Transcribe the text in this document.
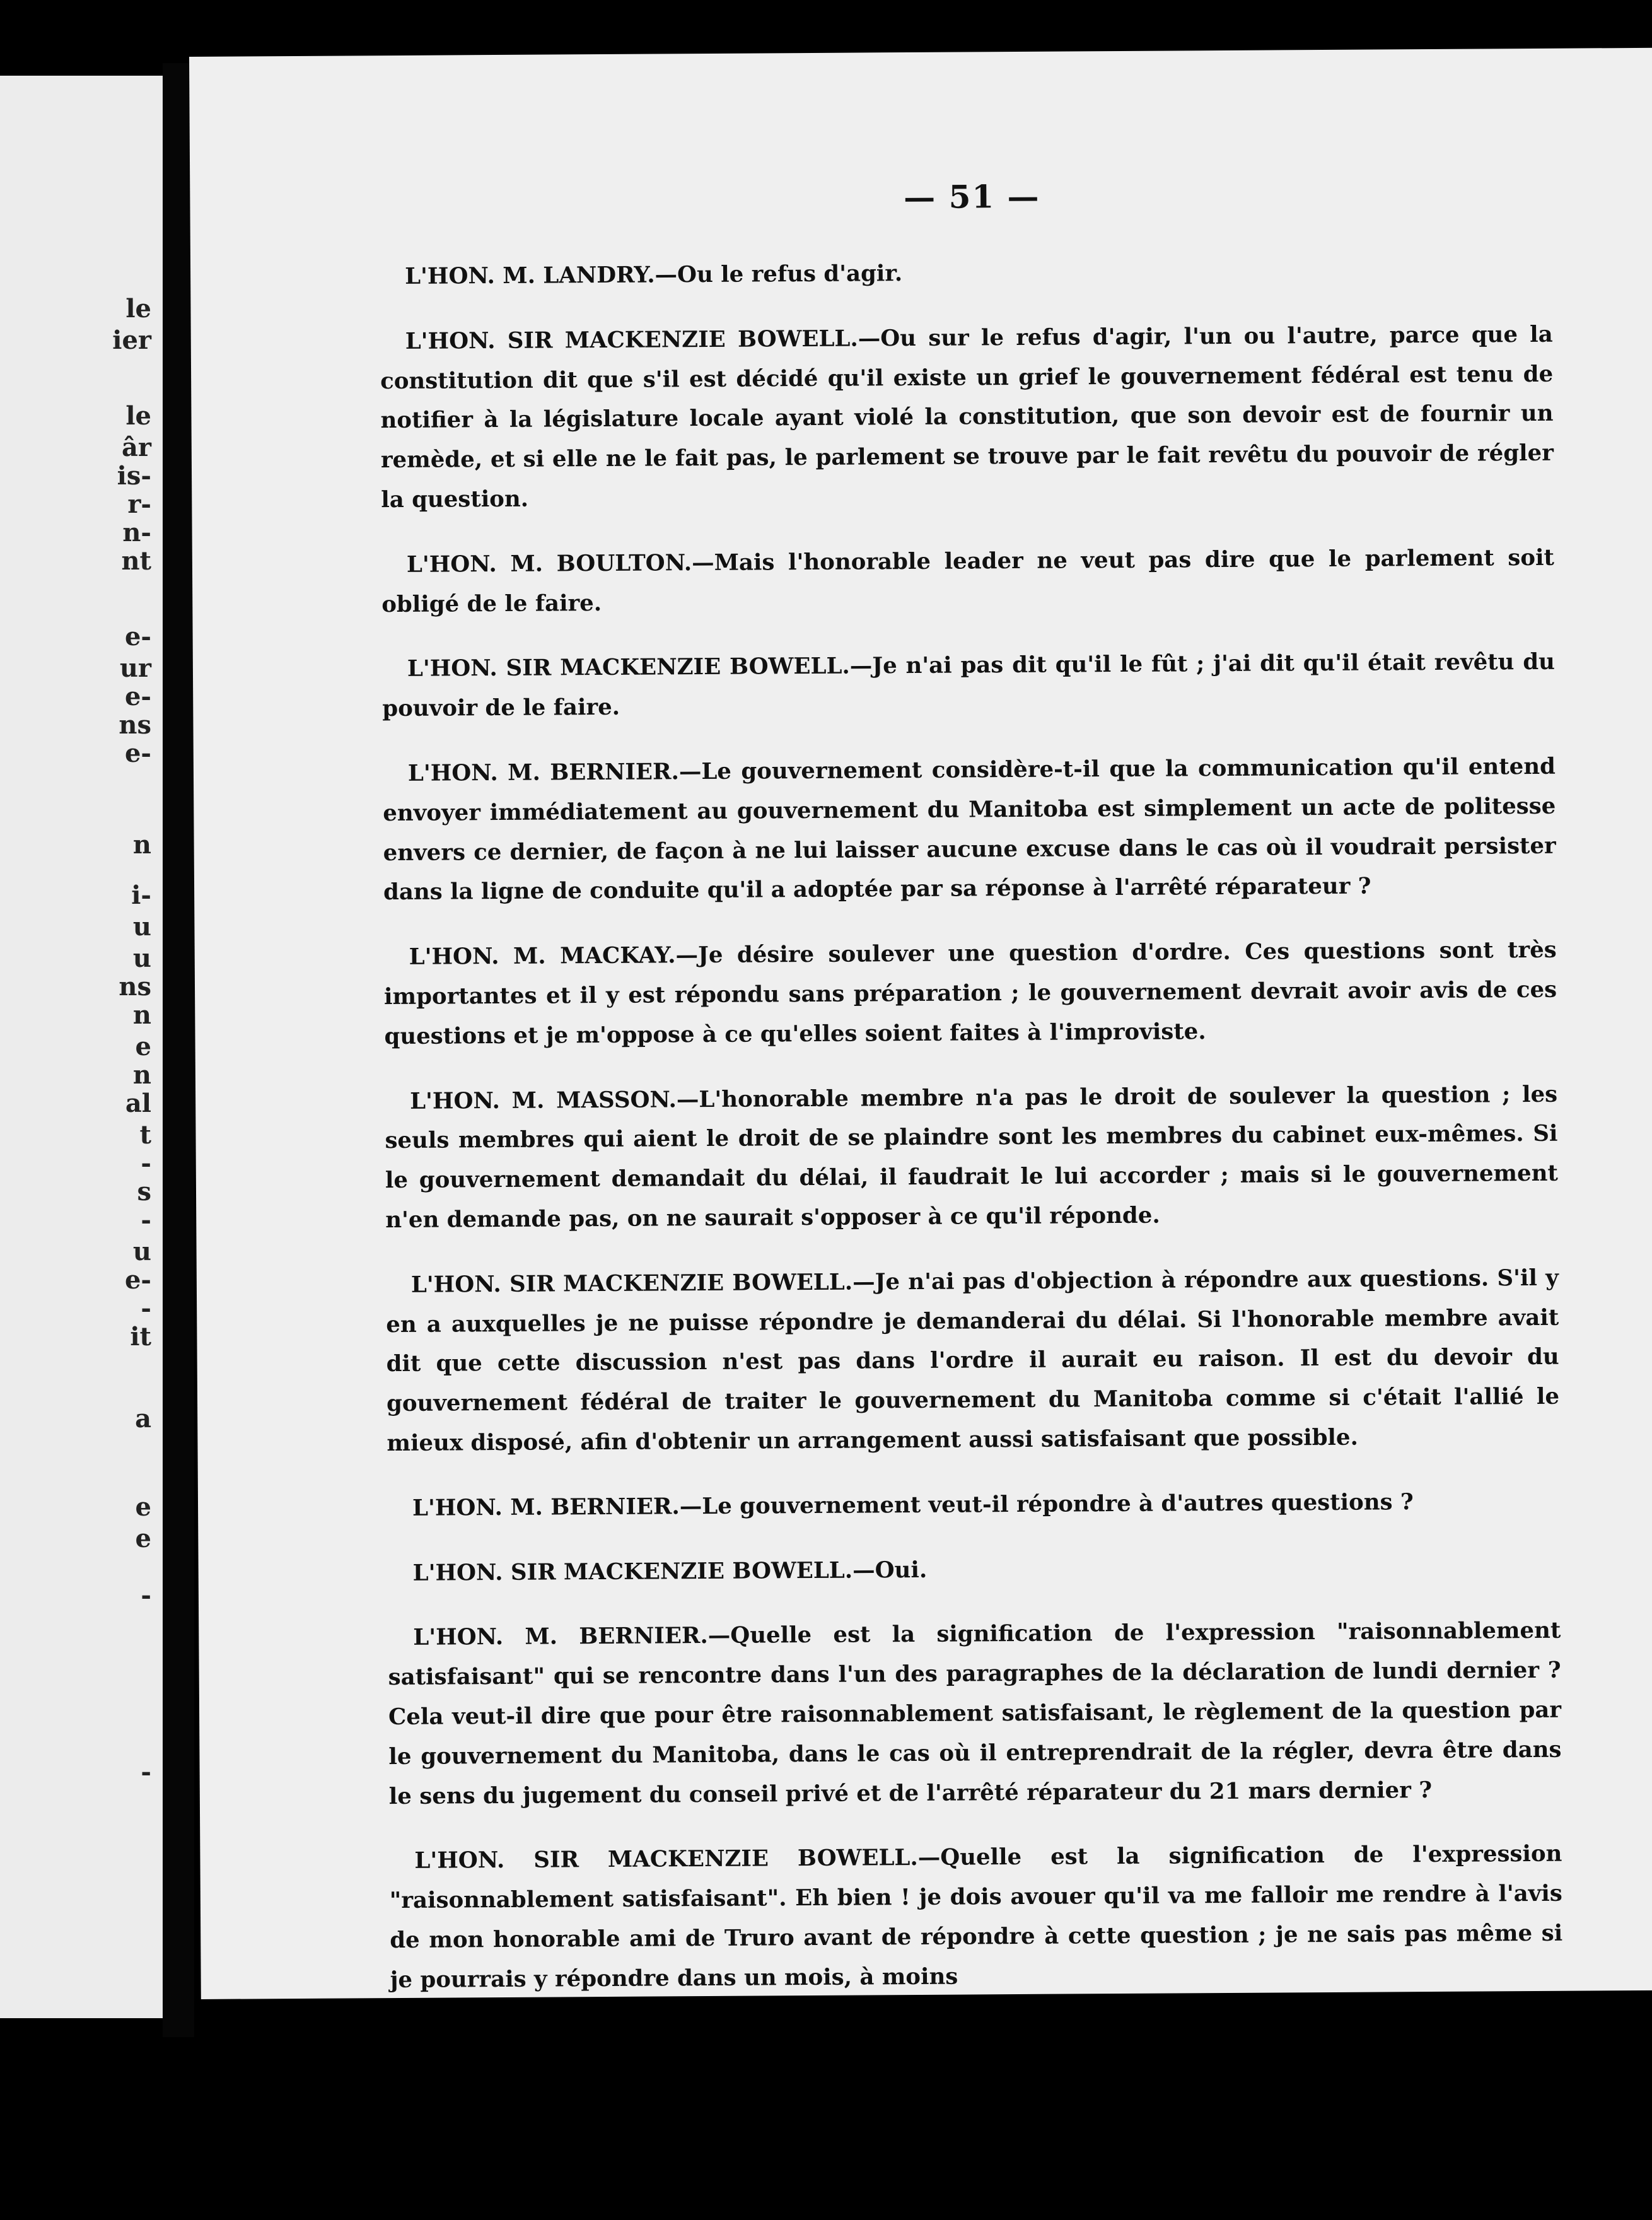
le
ier
le
âr
is-
r-
n-
nt
e-
ur
e-
ns
e-
n
i-
u
u
ns
n
e
n
al
t
-
s
-
u
e-
-
it
a
e
e
-
-
— 51 —

L'HON. M. LANDRY.—Ou le refus d'agir.

L'HON. SIR MACKENZIE BOWELL.—Ou sur le refus d'agir, l'un ou l'autre, parce que la constitution dit que s'il est décidé qu'il existe un grief le gouvernement fédéral est tenu de notifier à la législature locale ayant violé la constitution, que son devoir est de fournir un remède, et si elle ne le fait pas, le parlement se trouve par le fait revêtu du pouvoir de régler la question.

L'HON. M. BOULTON.—Mais l'honorable leader ne veut pas dire que le parlement soit obligé de le faire.

L'HON. SIR MACKENZIE BOWELL.—Je n'ai pas dit qu'il le fût ; j'ai dit qu'il était revêtu du pouvoir de le faire.

L'HON. M. BERNIER.—Le gouvernement considère-t-il que la communication qu'il entend envoyer immédiatement au gouvernement du Manitoba est simplement un acte de politesse envers ce dernier, de façon à ne lui laisser aucune excuse dans le cas où il voudrait persister dans la ligne de conduite qu'il a adoptée par sa réponse à l'arrêté réparateur ?

L'HON. M. MACKAY.—Je désire soulever une question d'ordre. Ces questions sont très importantes et il y est répondu sans préparation ; le gouvernement devrait avoir avis de ces questions et je m'oppose à ce qu'elles soient faites à l'improviste.

L'HON. M. MASSON.—L'honorable membre n'a pas le droit de soulever la question ; les seuls membres qui aient le droit de se plaindre sont les membres du cabinet eux-mêmes. Si le gouvernement demandait du délai, il faudrait le lui accorder ; mais si le gouvernement n'en demande pas, on ne saurait s'opposer à ce qu'il réponde.

L'HON. SIR MACKENZIE BOWELL.—Je n'ai pas d'objection à répondre aux questions. S'il y en a auxquelles je ne puisse répondre je demanderai du délai. Si l'honorable membre avait dit que cette discussion n'est pas dans l'ordre il aurait eu raison. Il est du devoir du gouvernement fédéral de traiter le gouvernement du Manitoba comme si c'était l'allié le mieux disposé, afin d'obtenir un arrangement aussi satisfaisant que possible.

L'HON. M. BERNIER.—Le gouvernement veut-il répondre à d'autres questions ?

L'HON. SIR MACKENZIE BOWELL.—Oui.

L'HON. M. BERNIER.—Quelle est la signification de l'expression "raisonnablement satisfaisant" qui se rencontre dans l'un des paragraphes de la déclaration de lundi dernier ? Cela veut-il dire que pour être raisonnablement satisfaisant, le règlement de la question par le gouvernement du Manitoba, dans le cas où il entreprendrait de la régler, devra être dans le sens du jugement du conseil privé et de l'arrêté réparateur du 21 mars dernier ?

L'HON. SIR MACKENZIE BOWELL.—Quelle est la signification de l'expression "raisonnablement satisfaisant". Eh bien ! je dois avouer qu'il va me falloir me rendre à l'avis de mon honorable ami de Truro avant de répondre à cette question ; je ne sais pas même si je pourrais y répondre dans un mois, à moins
